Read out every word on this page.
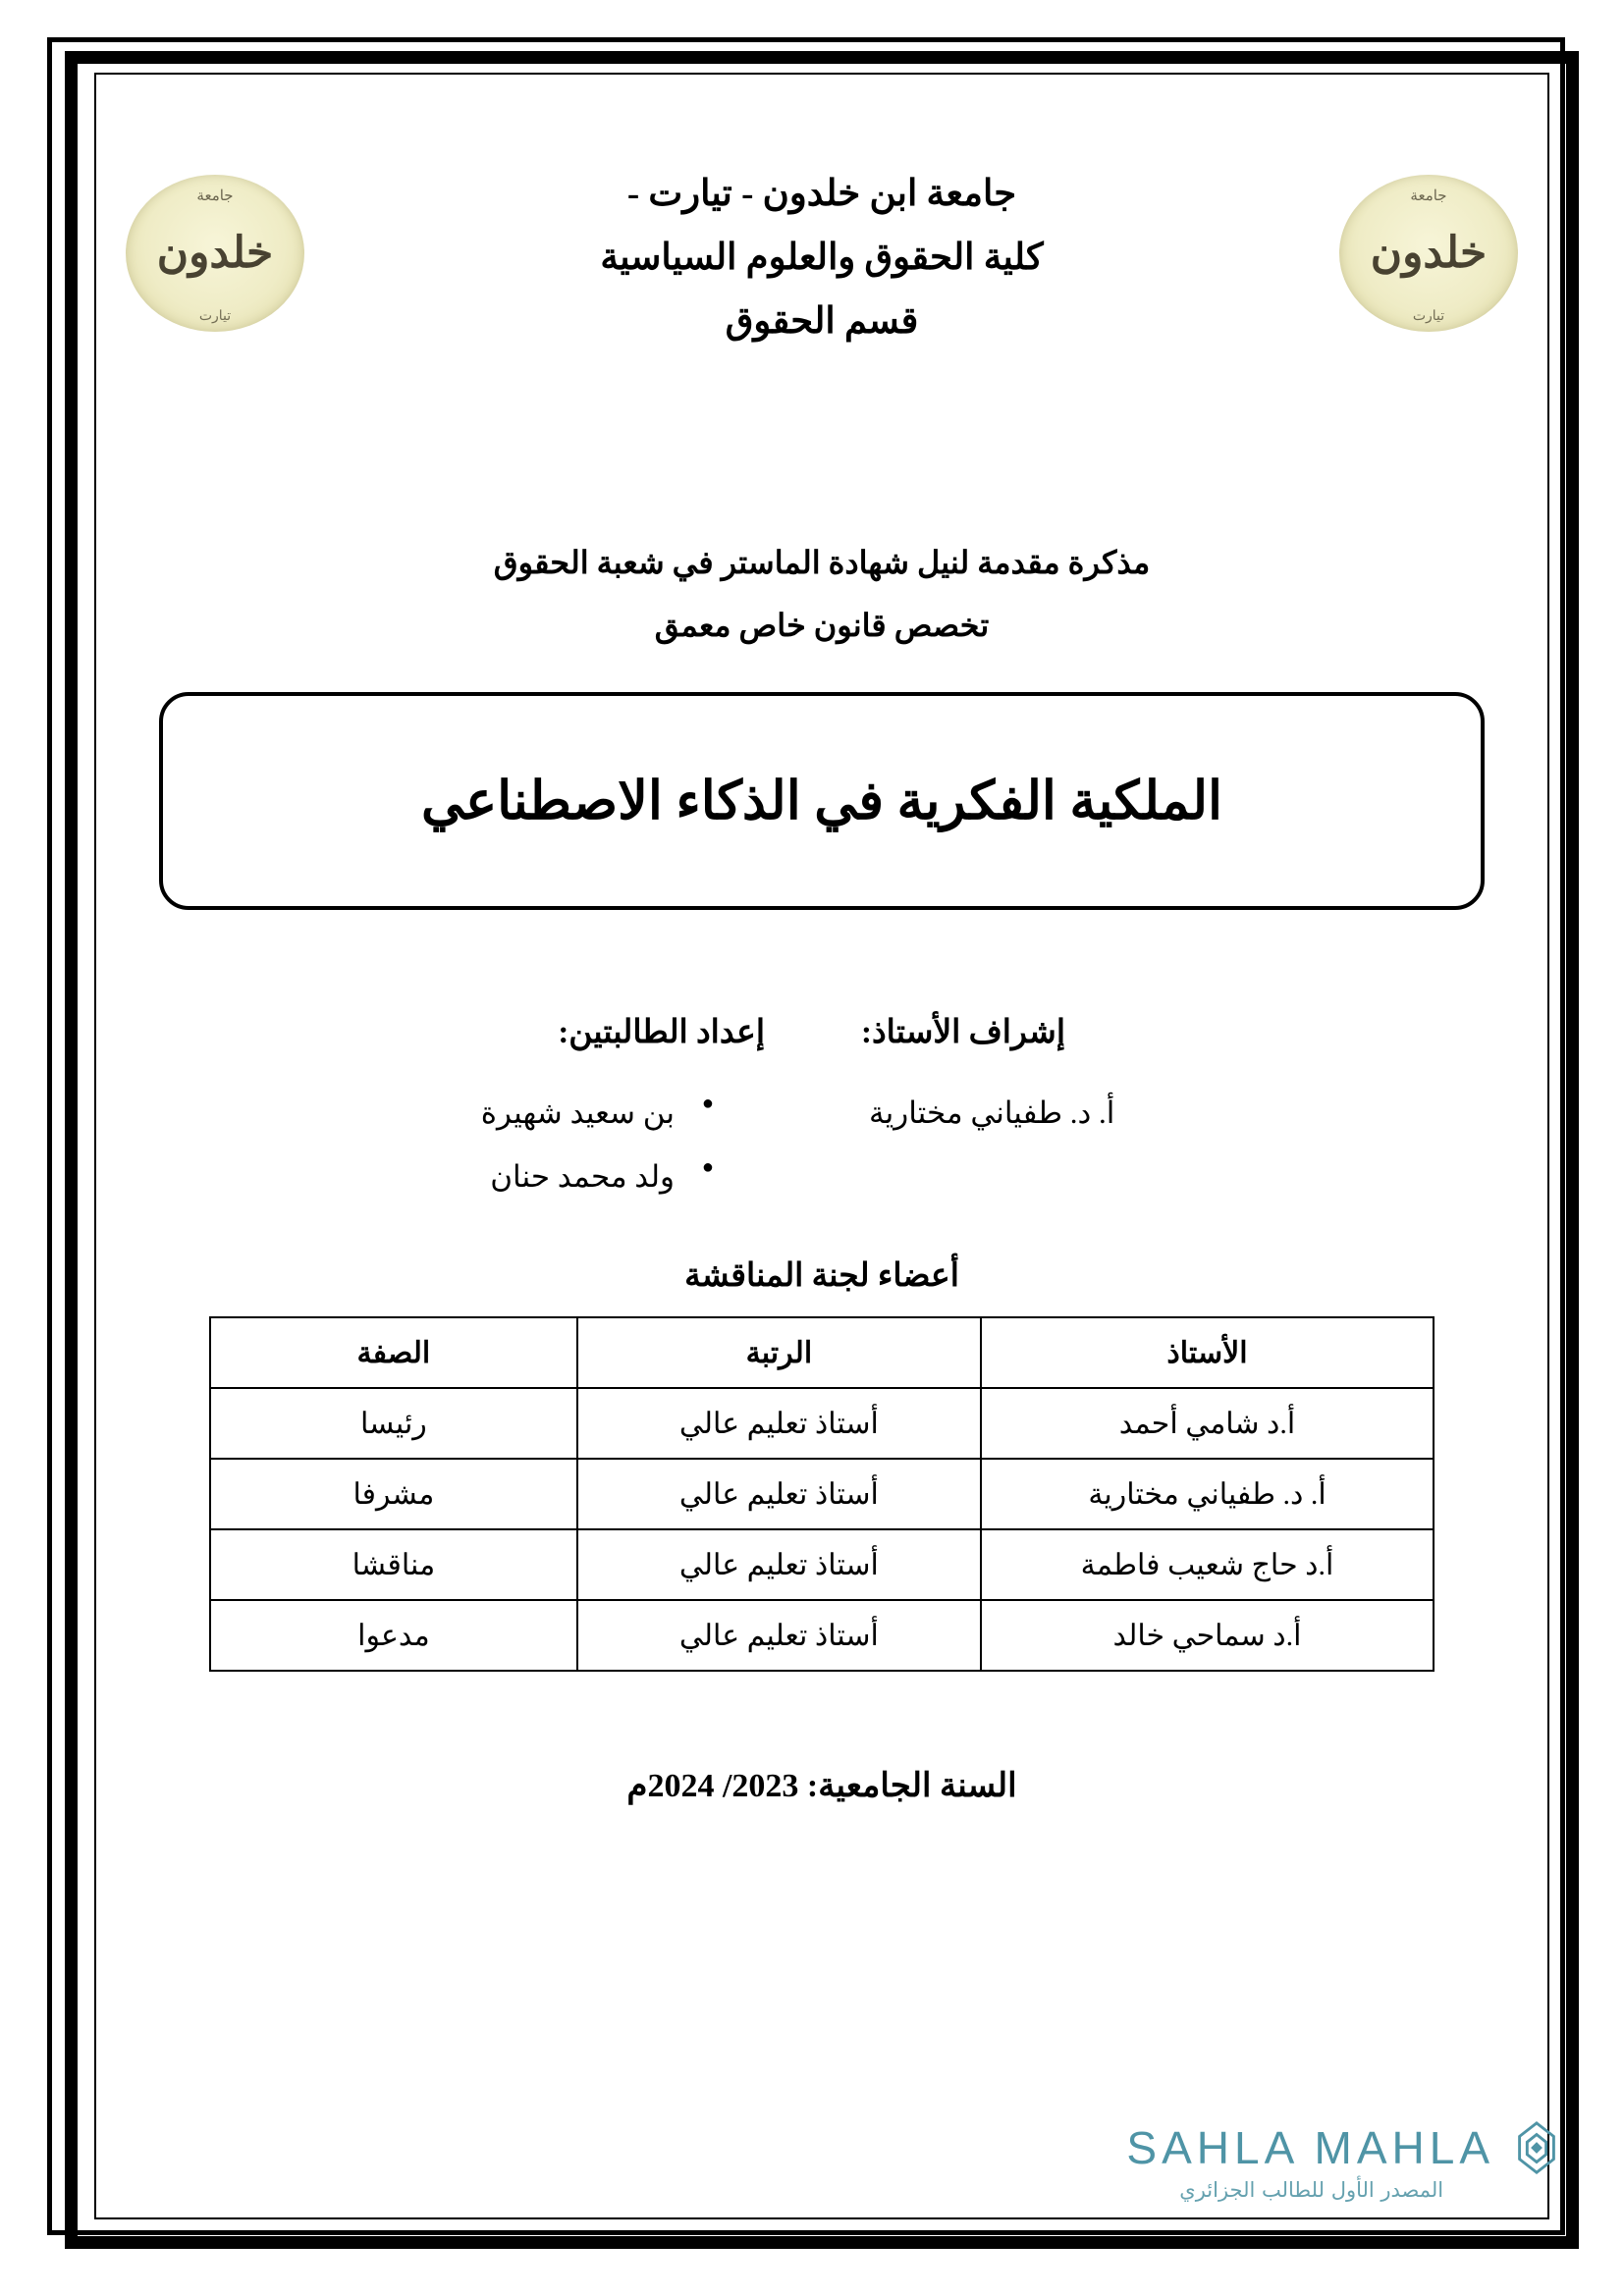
جامعة
خلدون
تيارت
جامعة ابن خلدون - تيارت -
كلية الحقوق والعلوم السياسية
قسم الحقوق
جامعة
خلدون
تيارت
مذكرة مقدمة لنيل شهادة الماستر في شعبة الحقوق
تخصص قانون خاص معمق
الملكية الفكرية في الذكاء الاصطناعي
إشراف الأستاذ:
أ. د. طفياني مختارية
إعداد الطالبتين:
● بن سعيد شهيرة
● ولد محمد حنان
أعضاء لجنة المناقشة
الأستاذ	الرتبة	الصفة
أ.د شامي أحمد	أستاذ تعليم عالي	رئيسا
أ. د. طفياني مختارية	أستاذ تعليم عالي	مشرفا
أ.د حاج شعيب فاطمة	أستاذ تعليم عالي	مناقشا
أ.د سماحي خالد	أستاذ تعليم عالي	مدعوا
السنة الجامعية: 2023/ 2024م
SAHLA MAHLA
المصدر الأول للطالب الجزائري
